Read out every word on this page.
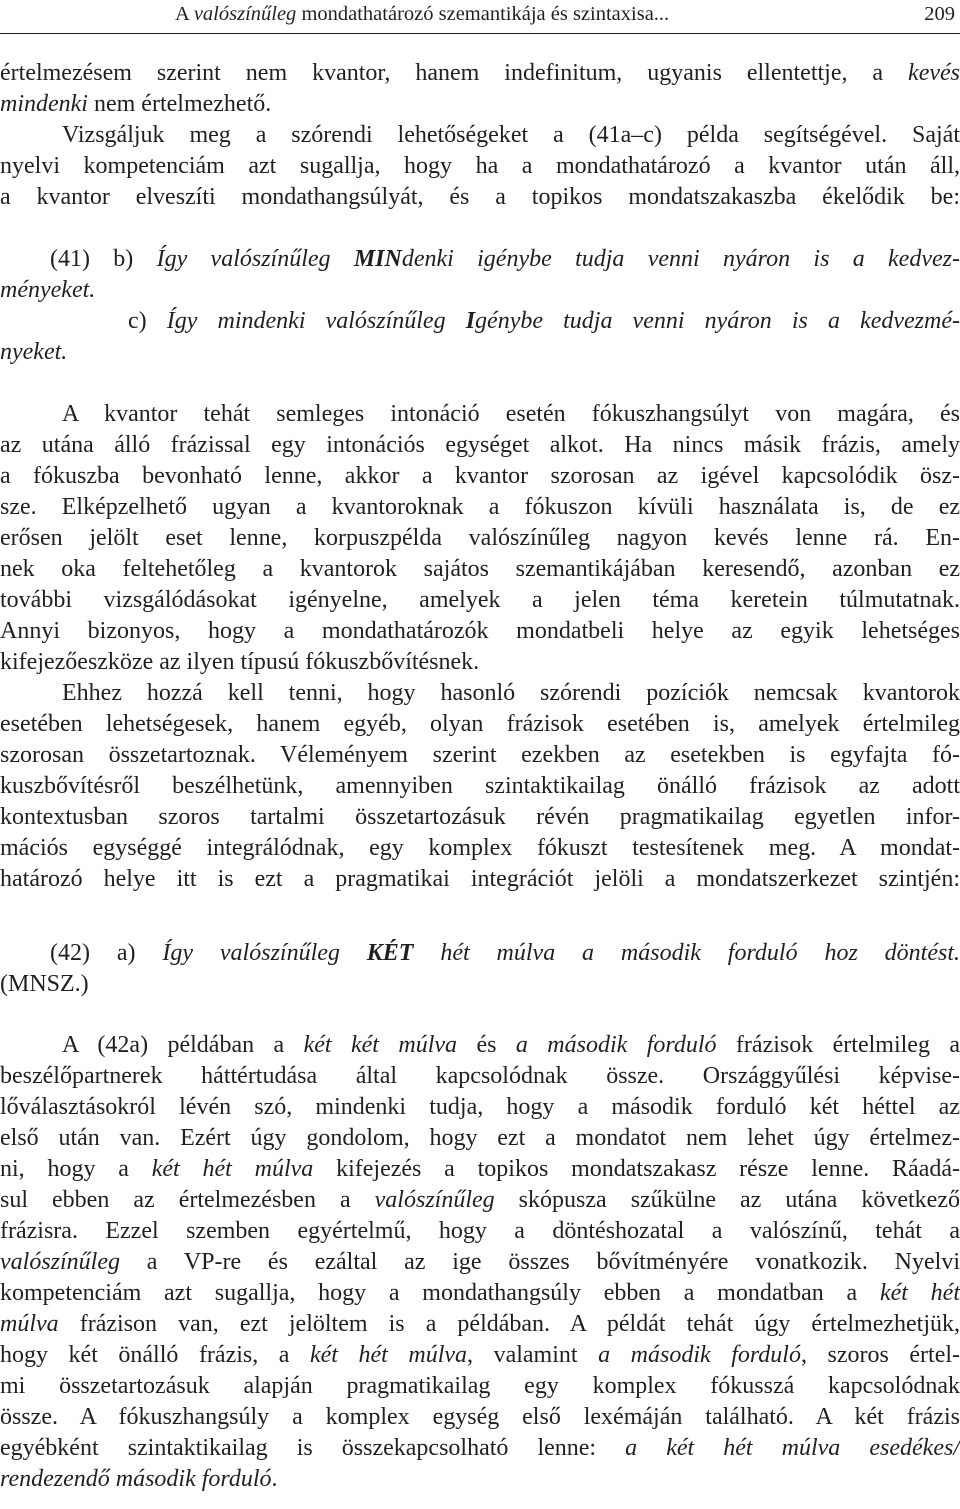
A valószínűleg mondathatározó szemantikája és szintaxisa...	209
értelmezésem szerint nem kvantor, hanem indefinitum, ugyanis ellentettje, a kevés
mindenki nem értelmezhető.
Vizsgáljuk meg a szórendi lehetőségeket a (41a–c) példa segítségével. Saját
nyelvi kompetenciám azt sugallja, hogy ha a mondathatározó a kvantor után áll,
a kvantor elveszíti mondathangsúlyát, és a topikos mondatszakaszba ékelődik be:
(41) b) Így valószínűleg MINdenki igénybe tudja venni nyáron is a kedvez-
ményeket.
c) Így mindenki valószínűleg Igénybe tudja venni nyáron is a kedvezmé-
nyeket.
A kvantor tehát semleges intonáció esetén fókuszhangsúlyt von magára, és
az utána álló frázissal egy intonációs egységet alkot. Ha nincs másik frázis, amely
a fókuszba bevonható lenne, akkor a kvantor szorosan az igével kapcsolódik ösz-
sze. Elképzelhető ugyan a kvantoroknak a fókuszon kívüli használata is, de ez
erősen jelölt eset lenne, korpuszpélda valószínűleg nagyon kevés lenne rá. En-
nek oka feltehetőleg a kvantorok sajátos szemantikájában keresendő, azonban ez
további vizsgálódásokat igényelne, amelyek a jelen téma keretein túlmutatnak.
Annyi bizonyos, hogy a mondathatározók mondatbeli helye az egyik lehetséges
kifejezőeszköze az ilyen típusú fókuszbővítésnek.
Ehhez hozzá kell tenni, hogy hasonló szórendi pozíciók nemcsak kvantorok
esetében lehetségesek, hanem egyéb, olyan frázisok esetében is, amelyek értelmileg
szorosan összetartoznak. Véleményem szerint ezekben az esetekben is egyfajta fó-
kuszbővítésről beszélhetünk, amennyiben szintaktikailag önálló frázisok az adott
kontextusban szoros tartalmi összetartozásuk révén pragmatikailag egyetlen infor-
mációs egységgé integrálódnak, egy komplex fókuszt testesítenek meg. A mondat-
határozó helye itt is ezt a pragmatikai integrációt jelöli a mondatszerkezet szintjén:
(42) a) Így valószínűleg KÉT hét múlva a második forduló hoz döntést.
(MNSZ.)
A (42a) példában a két két múlva és a második forduló frázisok értelmileg a
beszélőpartnerek háttértudása által kapcsolódnak össze. Országgyűlési képvise-
lőválasztásokról lévén szó, mindenki tudja, hogy a második forduló két héttel az
első után van. Ezért úgy gondolom, hogy ezt a mondatot nem lehet úgy értelmez-
ni, hogy a két hét múlva kifejezés a topikos mondatszakasz része lenne. Ráadá-
sul ebben az értelmezésben a valószínűleg skópusza szűkülne az utána következő
frázisra. Ezzel szemben egyértelmű, hogy a döntéshozatal a valószínű, tehát a
valószínűleg a VP-re és ezáltal az ige összes bővítményére vonatkozik. Nyelvi
kompetenciám azt sugallja, hogy a mondathangsúly ebben a mondatban a két hét
múlva frázison van, ezt jelöltem is a példában. A példát tehát úgy értelmezhetjük,
hogy két önálló frázis, a két hét múlva, valamint a második forduló, szoros értel-
mi összetartozásuk alapján pragmatikailag egy komplex fókusszá kapcsolódnak
össze. A fókuszhangsúly a komplex egység első lexémáján található. A két frázis
egyébként szintaktikailag is összekapcsolható lenne: a két hét múlva esedékes/
rendezendő második forduló.
